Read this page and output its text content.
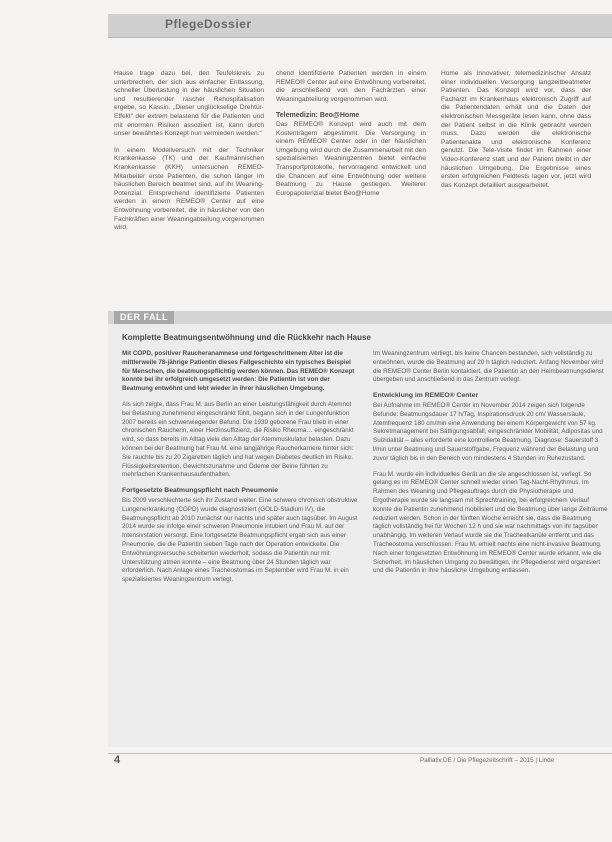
PflegeDossier

Hause trage dazu bei, den Teufelskreis zu unterbrechen, der sich aus einfacher Entlassung, schneller Überlastung in der häuslichen Situation und resultierender rascher Rehospitalisation ergebe, so Kassin. „Dieser unglückselige Drehtür-Effekt“ der extrem belastend für die Patienten und mit enormen Risiken assoziiert ist, kann durch unser bewährtes Konzept nun vermieden werden.“

In einem Modellversuch mit der Techniker Krankenkasse (TK) und der Kaufmännischen Krankenkasse (KKH) untersuchen REMEO-Mitarbeiter erste Patienten, die schon länger im häuslichen Bereich beatmet sind, auf ihr Weaning-Potenzial. Entsprechend identifizierte Patienten werden in einem REMEO® Center auf eine Entwöhnung vorbereitet, die in häuslicher von den Fachkräften einer Weaningabteilung vorgenommen wird.

chend identifizierte Patienten werden in einem REMEO® Center auf eine Entwöhnung vorbereitet, die anschließend von den Fachärzten einer Weaningabteilung vorgenommen wird.

Telemedizin: Beo@Home

Das REMEO® Konzept wird auch mit dem Kostenträgern abgestimmt. Die Versorgung in einem REMEO® Center oder in der häuslichen Umgebung wird durch die Zusammenarbeit mit den spezialisierten Weaningzentren bietet einfache Transportprotokolle, hervorragend entwickelt und die Chancen auf eine Entwöhnung oder weitere Beatmung zu Hause gestiegen. Weiterer Europapotenzial bietet Beo@Home

Home als innovativer, telemedizinischer Ansatz einer individuellen Versorgung langzeitbeatmeter Patienten. Das Konzept wird vor, dass der Facharzt im Krankenhaus elektronisch Zugriff auf die Patientendaten erhält und die Daten der elektronischen Messgeräte lesen kann, ohne dass der Patient selbst in die Klinik gebracht werden muss. Dazu werden die elektronische Patientenakte und elektronische Konferenz genutzt. Die Tele-Visite findet im Rahmen einer Video-Konferenz statt und der Patient bleibt in der häuslichen Umgebung. Die Ergebnisse eines ersten erfolgreichen Feldtests lagen vor, jetzt wird das Konzept detailliert ausgearbeitet.

DER FALL
Komplette Beatmungsentwöhnung und die Rückkehr nach Hause

Mit COPD, positiver Raucheranamnese und fortgeschrittenem Alter ist die mittlerweile 78-jährige Patientin dieses Fallgeschichte ein typisches Beispiel für Menschen, die beatmungspflichtig werden können. Das REMEO® Konzept konnte bei ihr erfolgreich umgesetzt werden: Die Patientin ist von der Beatmung entwöhnt und lebt wieder in ihrer häuslichen Umgebung.

Als sich zeigte, dass Frau M. aus Berlin an einer Leistungsfähigkeit durch Atemnot bei Belastung zunehmend eingeschränkt fühlt, begann sich in der Lungenfunktion 2007 bereits ein schwerwiegender Befund. Die 1939 geborene Frau blieb in einer chronischen Raucherin, einer Herzinsuffizienz, die Risiko Rheuma… eingeschränkt wird, so dass bereits im Alltag viele den Alltag der Atemmuskulatur belasten. Dazu können bei der Beatmung hat Frau M. eine langjährige Raucherkarriere hinter sich: Sie rauchte bis zu 20 Zigaretten täglich und hat wegen Diabetes deutlich im Risiko. Flüssigkeitsretention, Gewichtszunahme und Ödeme der Beine führten zu mehrfachen Krankenhausaufenthalten.

Fortgesetzte Beatmungspflicht nach Pneumonie

Bis 2009 verschlechterte sich ihr Zustand weiter. Eine schwere chronisch obstruktive Lungenerkrankung (COPD) wurde diagnostiziert (GOLD-Stadium IV), die Beatmungspflicht ab 2010 zunächst nur nachts und später auch tagsüber. Im August 2014 wurde sie infolge einer schweren Pneumonie intubiert und Frau M. auf der Intensivstation versorgt. Eine fortgesetzte Beatmungspflicht ergab sich aus einer Pneumonie, die die Patientin sieben Tage nach der Operation entwickelte. Die Entwöhnungsversuche scheiterten wiederholt, sodass die Patientin nur mit Unterstützung atmen konnte – eine Beatmung über 24 Stunden täglich war erforderlich. Nach Anlage eines Tracheostomas im September wird Frau M. in ein spezialisiertes Weaningzentrum verlegt.

Im Weaningzentrum verliegt, bis keine Chancen bestanden, sich vollständig zu entwöhnen, wurde die Beatmung auf 20 h täglich reduziert. Anfang November wird die REMEO® Center Berlin kontaktiert, die Patientin an den Heimbeatmungsdienst übergeben und anschließend in das Zentrum verlegt.

Entwicklung im REMEO® Center

Bei Aufnahme im REMEO® Center im November 2014 zeigen sich folgende Befunde: Beatmungsdauer 17 h/Tag, Inspirationsdruck 20 cm/ Wassersäule, Atemfrequenz 180 cm/min eine Anwendung bei einem Körpergewicht von 57 kg. Sekretmanagement bei Sättigungsabfall, eingeschränkter Mobilität, Adipositas und Suizidalität – alles erforderte eine kontrollierte Beatmung. Diagnose: Sauerstoff 3 l/min unter Beatmung und Sauerstoffgabe, Frequenz während der Belastung und zuvor täglich bis in den Bereich von mindestens 4 Stunden im Ruhezustand.

Frau M. wurde ein individuelles Gerät an die sie angeschlossen ist, verlegt. So gelang es im REMEO® Center schnell wieder einen Tag-Nacht-Rhythmus. Im Rahmen des Weaning und Pflegeauftrags durch die Physiotherapie und Ergotherapie wurde sie langsam mit Sprechtraining, bei erfolgreichem Verlauf konnte die Patientin zunehmend mobilisiert und die Beatmung über lange Zeiträume reduziert werden. Schon in der fünften Woche erreicht sie, dass die Beatmung täglich vollständig frei für Wochen 12 h und sie war nachmittags von ihr tagsüber unabhängig. Im weiteren Verlauf wurde sie die Trachealkanüle entfernt und das Tracheostoma verschlossen. Frau M. erhielt nachts eine nicht-invasive Beatmung. Nach einer fortgesetzten Entwöhnung im REMEO® Center wurde erkannt, wie die Sicherheit, im häuslichen Umgang zu bewältigen, ihr Pflegedienst wird organisiert und die Patientin in ihre häusliche Umgebung entlassen.

4	Palliativ.DE / Die Pflegezeitschrift – 2015 | Linde
